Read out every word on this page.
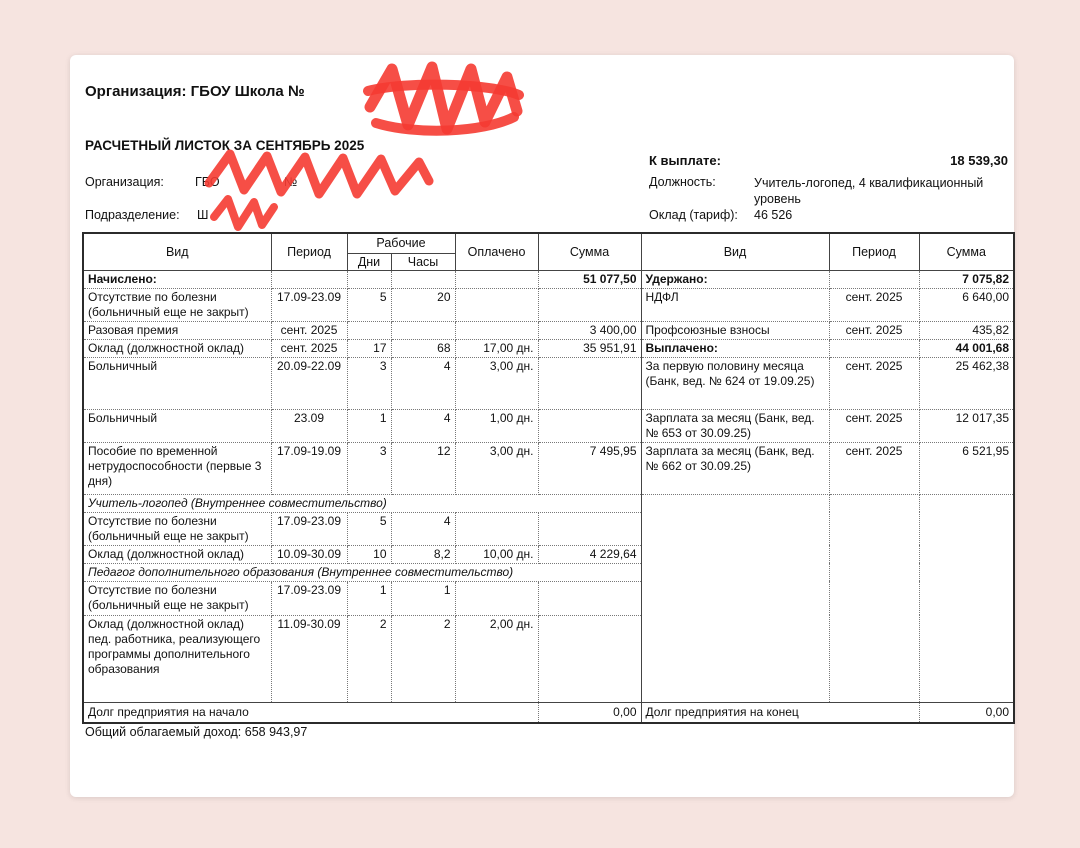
Организация: ГБОУ Школа №
РАСЧЕТНЫЙ ЛИСТОК ЗА СЕНТЯБРЬ 2025
Организация: ГБО	№
Подразделение: Ш
К выплате:	18 539,30
Должность:	Учитель-логопед, 4 квалификационный уровень
Оклад (тариф): 46 526
Вид	Период	Рабочие		Оплачено	Сумма	Вид	Период	Сумма
		Дни	Часы					
Начислено:					51 077,50	Удержано:		7 075,82
Отсутствие по болезни (больничный еще не закрыт)	17.09-23.09	5	20			НДФЛ	сент. 2025	6 640,00
Разовая премия	сент. 2025				3 400,00	Профсоюзные взносы	сент. 2025	435,82
Оклад (должностной оклад)	сент. 2025	17	68	17,00 дн.	35 951,91	Выплачено:		44 001,68
Больничный	20.09-22.09	3	4	3,00 дн.		За первую половину месяца (Банк, вед. № 624 от 19.09.25)	сент. 2025	25 462,38
Больничный	23.09	1	4	1,00 дн.		Зарплата за месяц (Банк, вед. № 653 от 30.09.25)	сент. 2025	12 017,35
Пособие по временной нетрудоспособности (первые 3 дня)	17.09-19.09	3	12	3,00 дн.	7 495,95	Зарплата за месяц (Банк, вед. № 662 от 30.09.25)	сент. 2025	6 521,95
Учитель-логопед (Внутреннее совместительство)								
Отсутствие по болезни (больничный еще не закрыт)	17.09-23.09	5	4					
Оклад (должностной оклад)	10.09-30.09	10	8,2	10,00 дн.	4 229,64			
Педагог дополнительного образования (Внутреннее совместительство)								
Отсутствие по болезни (больничный еще не закрыт)	17.09-23.09	1	1					
Оклад (должностной оклад) пед. работника, реализующего программы дополнительного образования	11.09-30.09	2	2	2,00 дн.				
Долг предприятия на начало					0,00	Долг предприятия на конец		0,00
Общий облагаемый доход: 658 943,97
